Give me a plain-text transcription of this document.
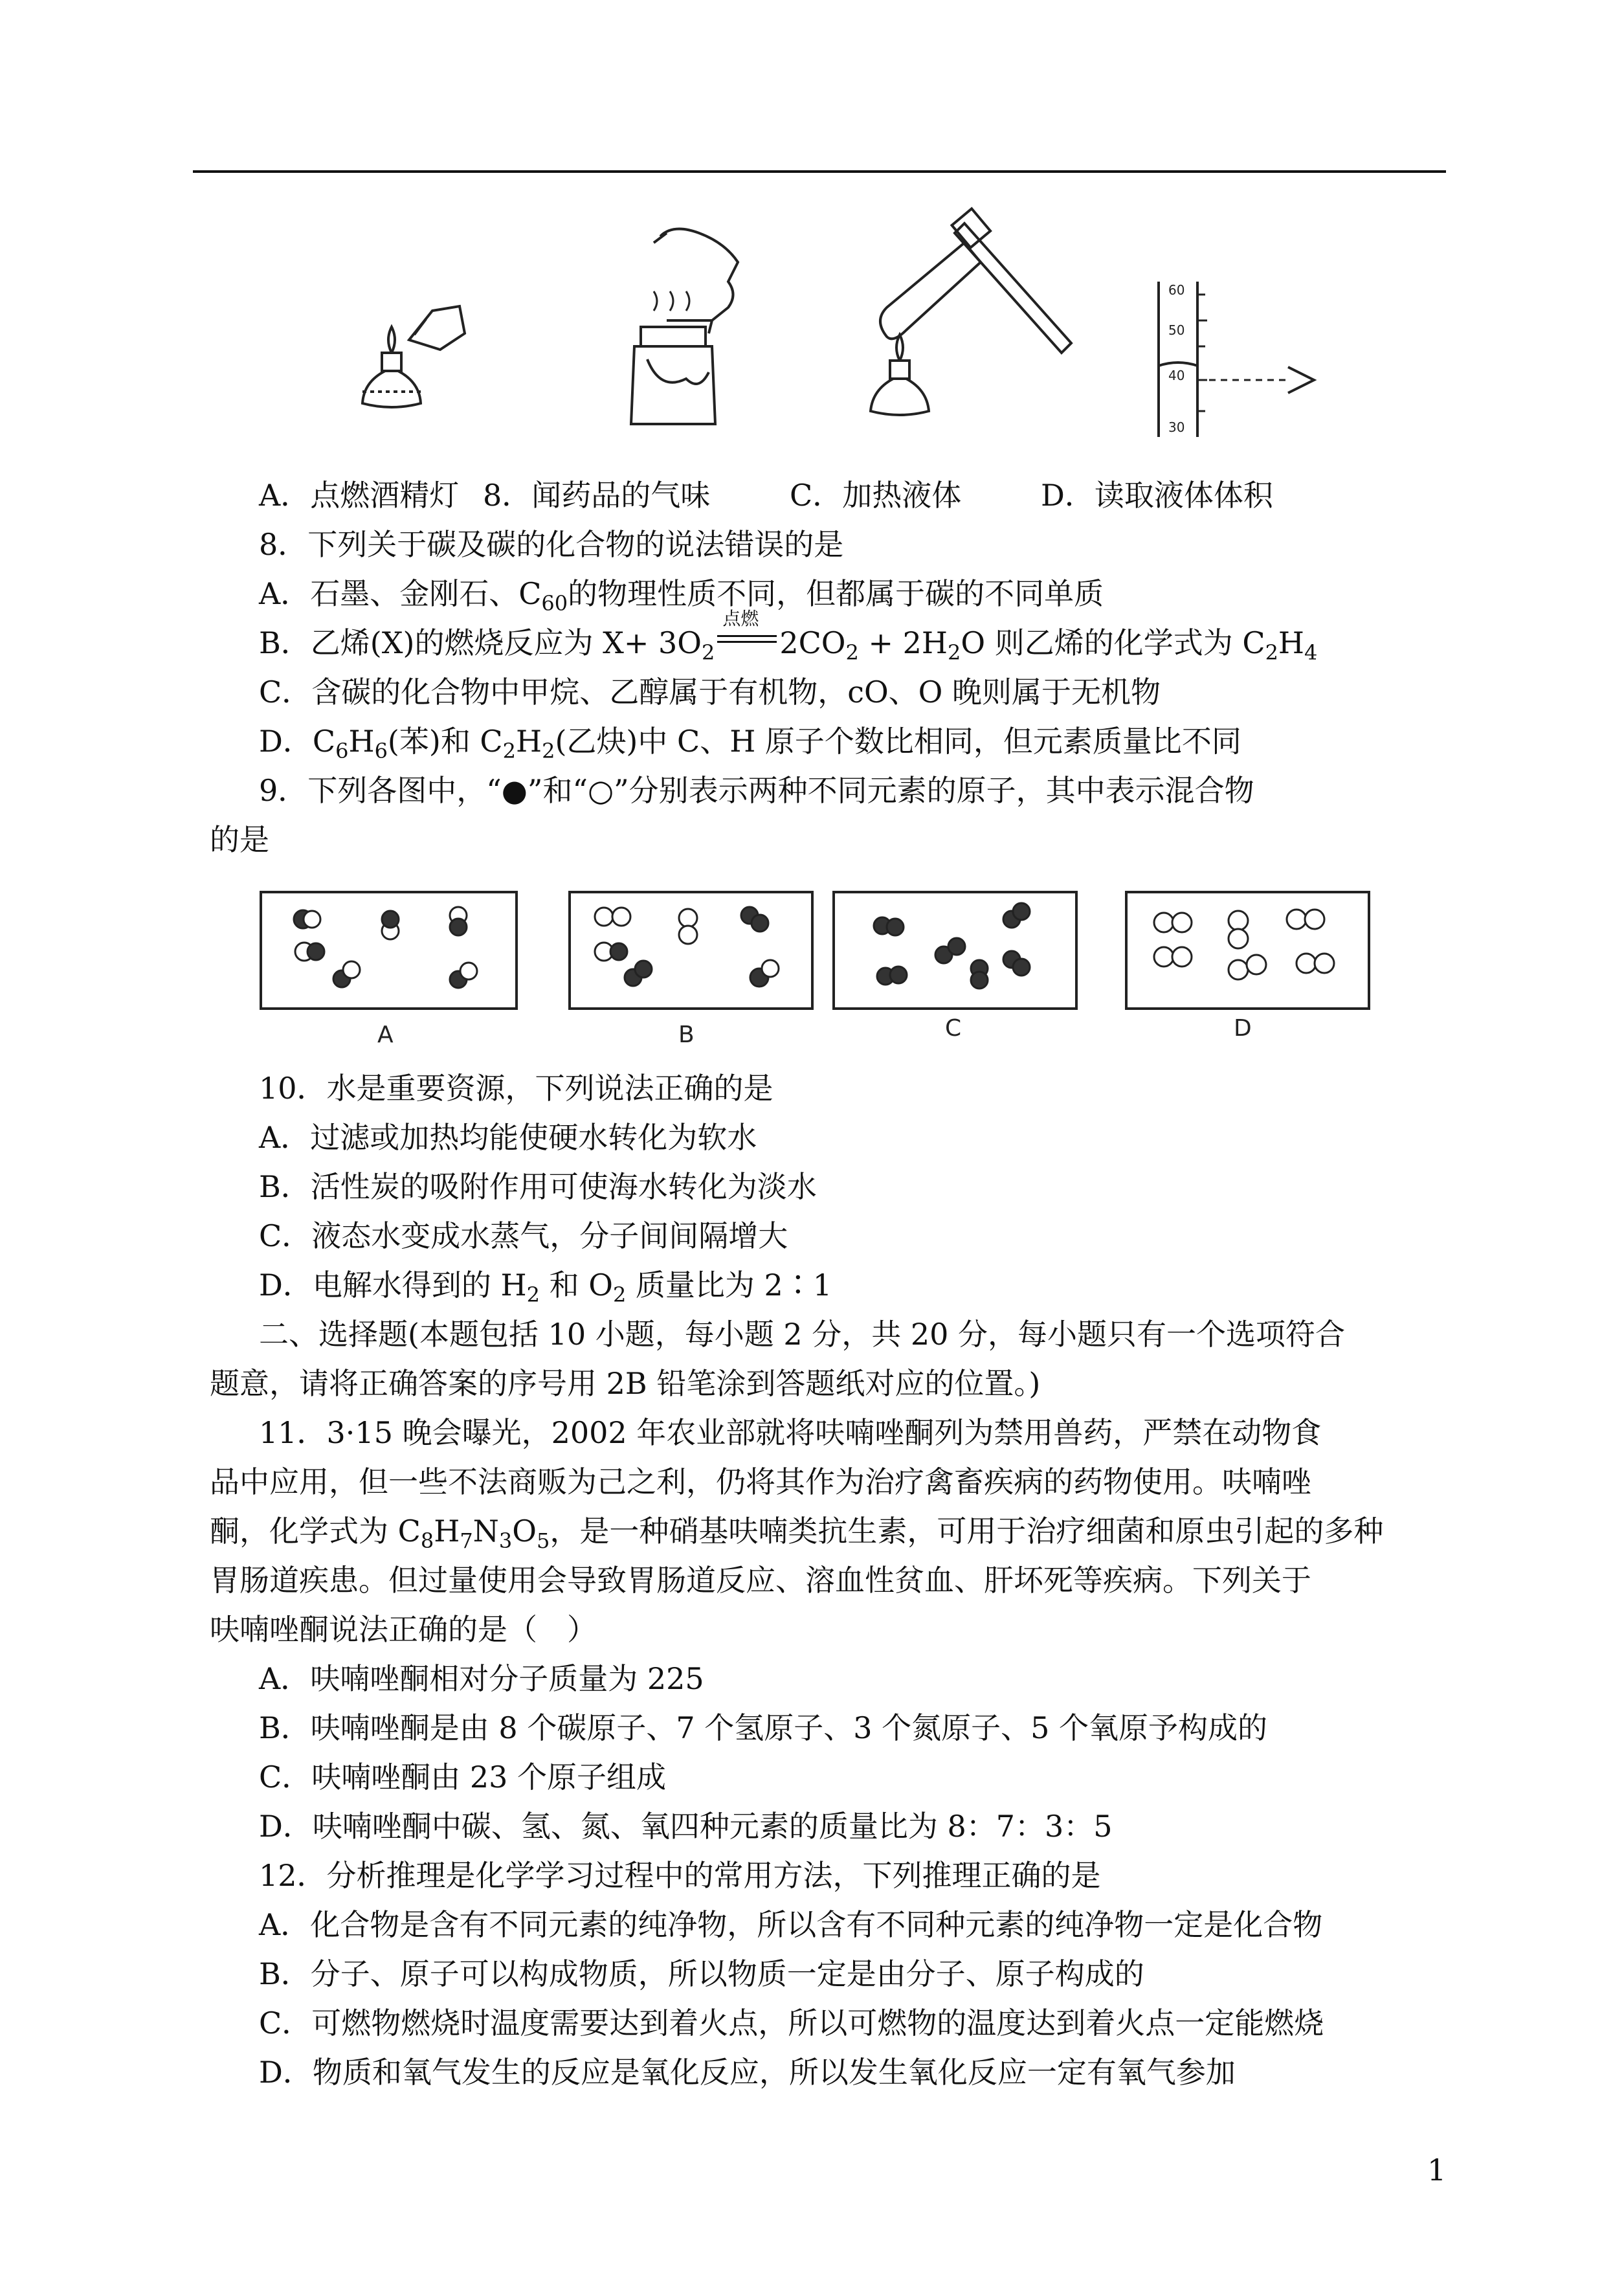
60
50
40
30
A．点燃酒精灯 8．闻药品的气味	C．加热液体	D．读取液体体积
8．下列关于碳及碳的化合物的说法错误的是
A．石墨、金刚石、$C_{60}$的物理性质不同，但都属于碳的不同单质
B．乙烯(X)的燃烧反应为 $X+ 3O_2$
点燃
$2CO_2 + 2H_2O$ 则乙烯的化学式为 $C_2H_4$
C．含碳的化合物中甲烷、乙醇属于有机物，cO、O 晚则属于无机物
D．$C_6H_6$(苯)和 $C_2H_2$(乙炔)中 C、H 原子个数比相同，但元素质量比不同
9．下列各图中，“●”和“○”分别表示两种不同元素的原子，其中表示混合物
的是
A	B	C	D
10．水是重要资源，下列说法正确的是
A．过滤或加热均能使硬水转化为软水
B．活性炭的吸附作用可使海水转化为淡水
C．液态水变成水蒸气，分子间间隔增大
D．电解水得到的 $H_2$ 和 $O_2$ 质量比为 2∶1
二、选择题(本题包括 10 小题，每小题 2 分，共 20 分，每小题只有一个选项符合
题意，请将正确答案的序号用 2B 铅笔涂到答题纸对应的位置。)
11．3·15 晚会曝光，2002 年农业部就将呋喃唑酮列为禁用兽药，严禁在动物食
品中应用，但一些不法商贩为己之利，仍将其作为治疗禽畜疾病的药物使用。呋喃唑
酮，化学式为 $C_8H_7N_3O_5$，是一种硝基呋喃类抗生素，可用于治疗细菌和原虫引起的多种
胃肠道疾患。但过量使用会导致胃肠道反应、溶血性贫血、肝坏死等疾病。下列关于
呋喃唑酮说法正确的是（　）
A．呋喃唑酮相对分子质量为 225
B．呋喃唑酮是由 8 个碳原子、7 个氢原子、3 个氮原子、5 个氧原予构成的
C．呋喃唑酮由 23 个原子组成
D．呋喃唑酮中碳、氢、氮、氧四种元素的质量比为 8：7：3：5
12．分析推理是化学学习过程中的常用方法，下列推理正确的是
A．化合物是含有不同元素的纯净物，所以含有不同种元素的纯净物一定是化合物
B．分子、原子可以构成物质，所以物质一定是由分子、原子构成的
C．可燃物燃烧时温度需要达到着火点，所以可燃物的温度达到着火点一定能燃烧
D．物质和氧气发生的反应是氧化反应，所以发生氧化反应一定有氧气参加
1
